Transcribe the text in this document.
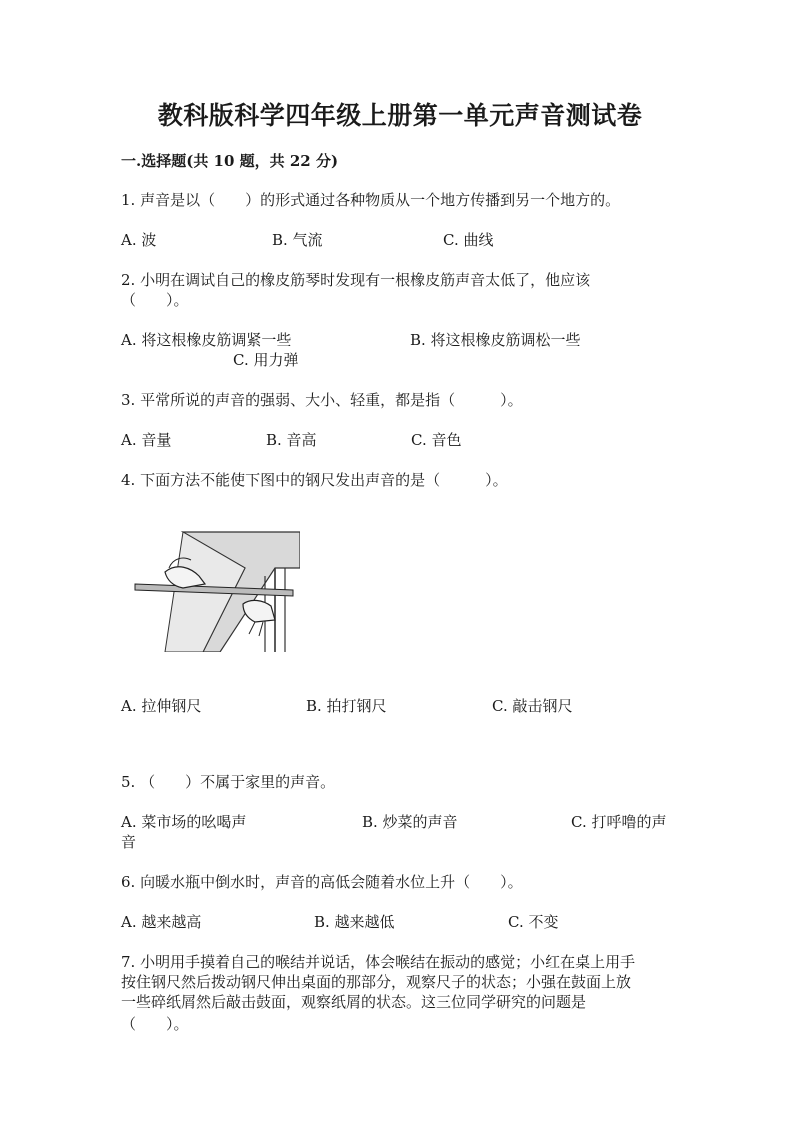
教科版科学四年级上册第一单元声音测试卷
一.选择题(共 10 题，共 22 分)
1. 声音是以（　　）的形式通过各种物质从一个地方传播到另一个地方的。
A. 波	B. 气流	C. 曲线
2. 小明在调试自己的橡皮筋琴时发现有一根橡皮筋声音太低了，他应该
（　　）。
A. 将这根橡皮筋调紧一些	B. 将这根橡皮筋调松一些
C. 用力弹
3. 平常所说的声音的强弱、大小、轻重，都是指（　　　）。
A. 音量	B. 音高	C. 音色
4. 下面方法不能使下图中的钢尺发出声音的是（　　　）。
A. 拉伸钢尺	B. 拍打钢尺	C. 敲击钢尺
5. （　　）不属于家里的声音。
A. 菜市场的吆喝声	B. 炒菜的声音	C. 打呼噜的声
音
6. 向暖水瓶中倒水时，声音的高低会随着水位上升（　　）。
A. 越来越高	B. 越来越低	C. 不变
7. 小明用手摸着自己的喉结并说话，体会喉结在振动的感觉；小红在桌上用手
按住钢尺然后拨动钢尺伸出桌面的那部分，观察尺子的状态；小强在鼓面上放
一些碎纸屑然后敲击鼓面，观察纸屑的状态。这三位同学研究的问题是
（　　）。
